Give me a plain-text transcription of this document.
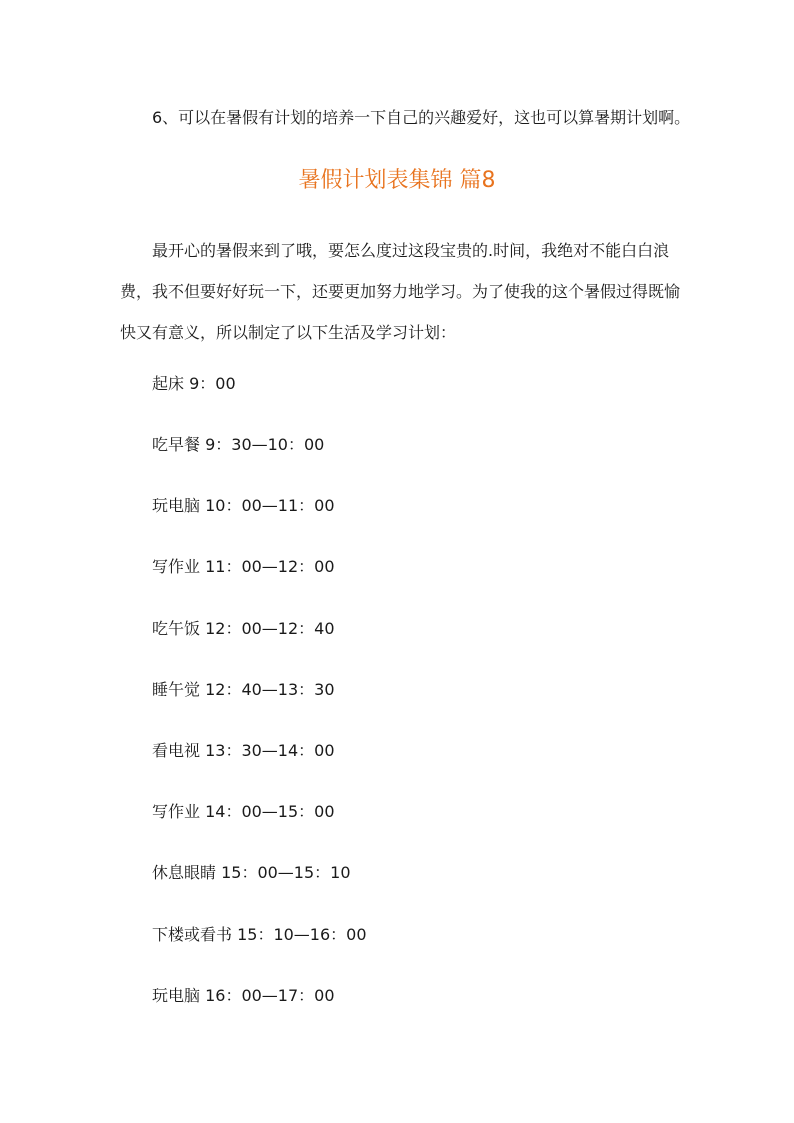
6、可以在暑假有计划的培养一下自己的兴趣爱好，这也可以算暑期计划啊。

暑假计划表集锦 篇8

最开心的暑假来到了哦，要怎么度过这段宝贵的.时间，我绝对不能白白浪
费，我不但要好好玩一下，还要更加努力地学习。为了使我的这个暑假过得既愉
快又有意义，所以制定了以下生活及学习计划：

起床 9：00

吃早餐 9：30—10：00

玩电脑 10：00—11：00

写作业 11：00—12：00

吃午饭 12：00—12：40

睡午觉 12：40—13：30

看电视 13：30—14：00

写作业 14：00—15：00

休息眼睛 15：00—15：10

下楼或看书 15：10—16：00

玩电脑 16：00—17：00
